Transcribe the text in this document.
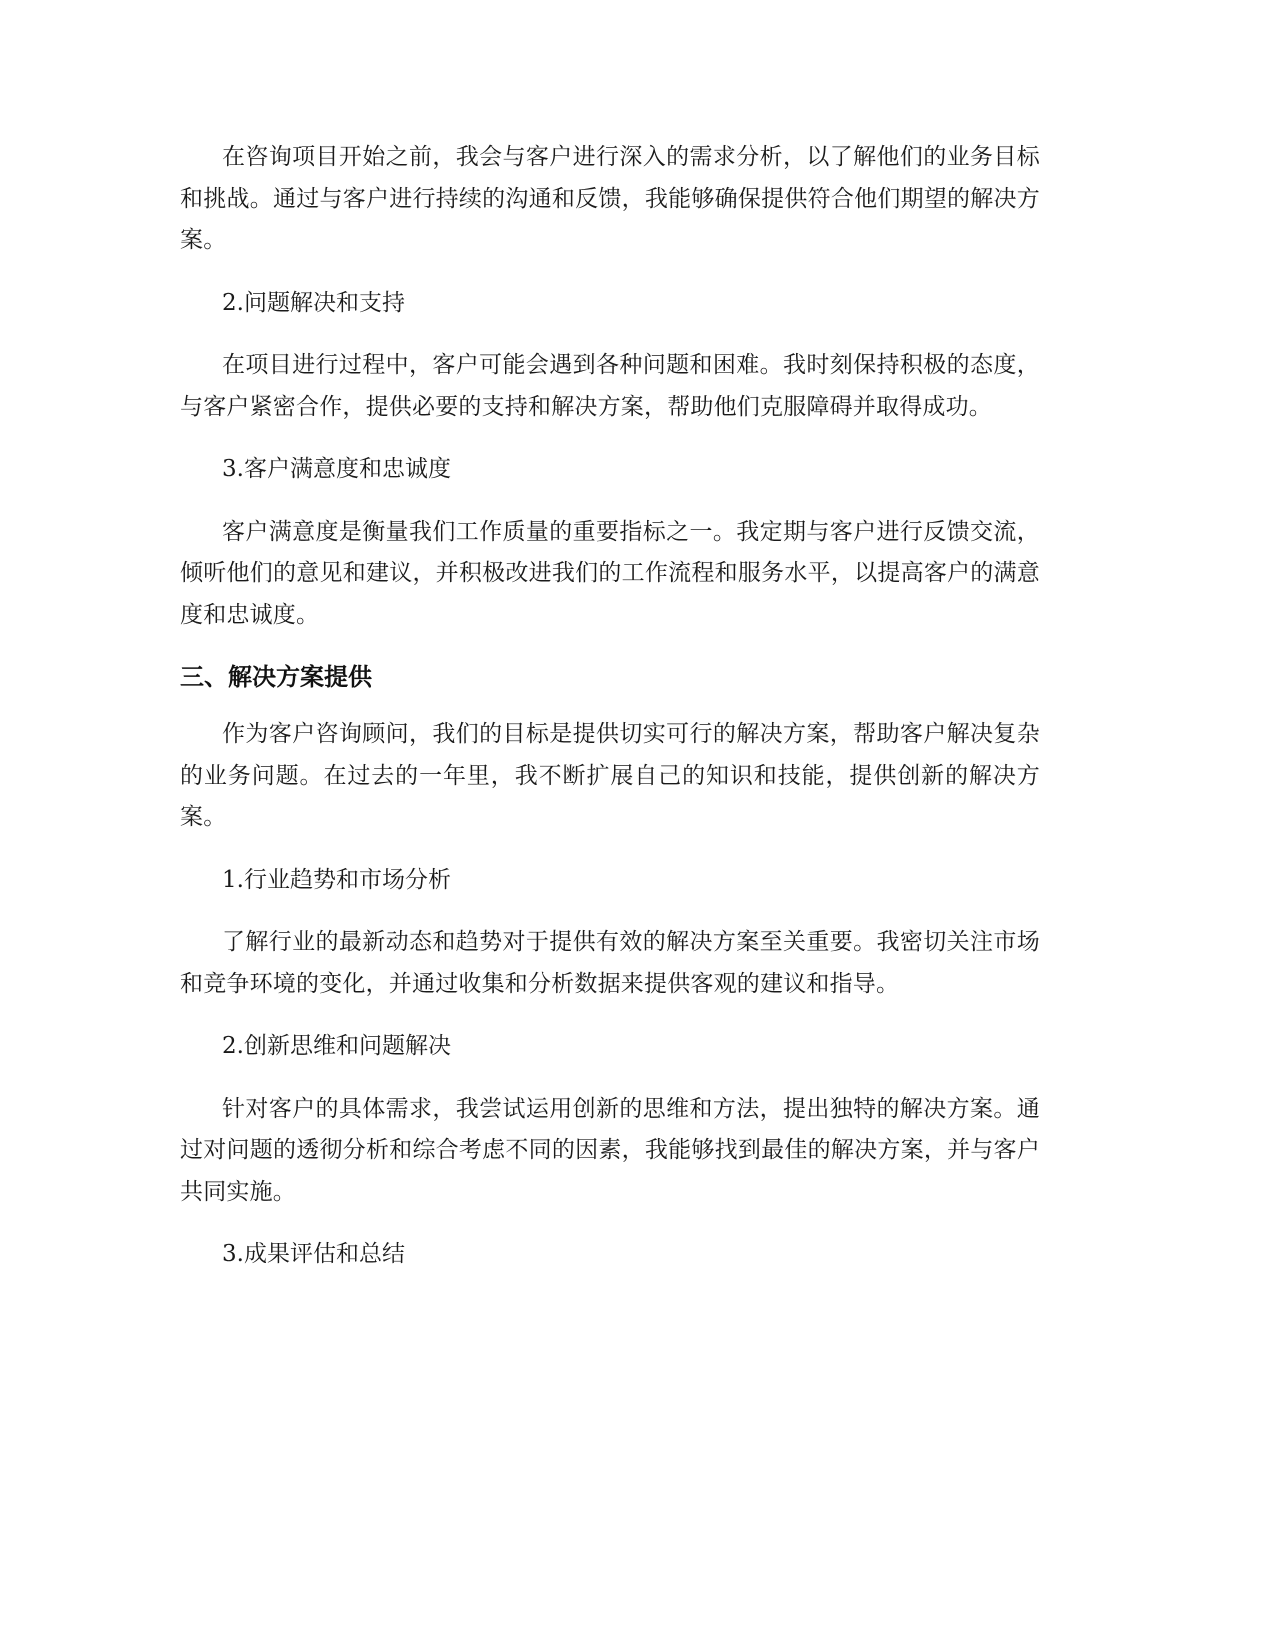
在咨询项目开始之前，我会与客户进行深入的需求分析，以了解他们的业务目标和挑战。通过与客户进行持续的沟通和反馈，我能够确保提供符合他们期望的解决方案。

2.问题解决和支持

在项目进行过程中，客户可能会遇到各种问题和困难。我时刻保持积极的态度，与客户紧密合作，提供必要的支持和解决方案，帮助他们克服障碍并取得成功。

3.客户满意度和忠诚度

客户满意度是衡量我们工作质量的重要指标之一。我定期与客户进行反馈交流，倾听他们的意见和建议，并积极改进我们的工作流程和服务水平，以提高客户的满意度和忠诚度。

三、解决方案提供

作为客户咨询顾问，我们的目标是提供切实可行的解决方案，帮助客户解决复杂的业务问题。在过去的一年里，我不断扩展自己的知识和技能，提供创新的解决方案。

1.行业趋势和市场分析

了解行业的最新动态和趋势对于提供有效的解决方案至关重要。我密切关注市场和竞争环境的变化，并通过收集和分析数据来提供客观的建议和指导。

2.创新思维和问题解决

针对客户的具体需求，我尝试运用创新的思维和方法，提出独特的解决方案。通过对问题的透彻分析和综合考虑不同的因素，我能够找到最佳的解决方案，并与客户共同实施。

3.成果评估和总结
